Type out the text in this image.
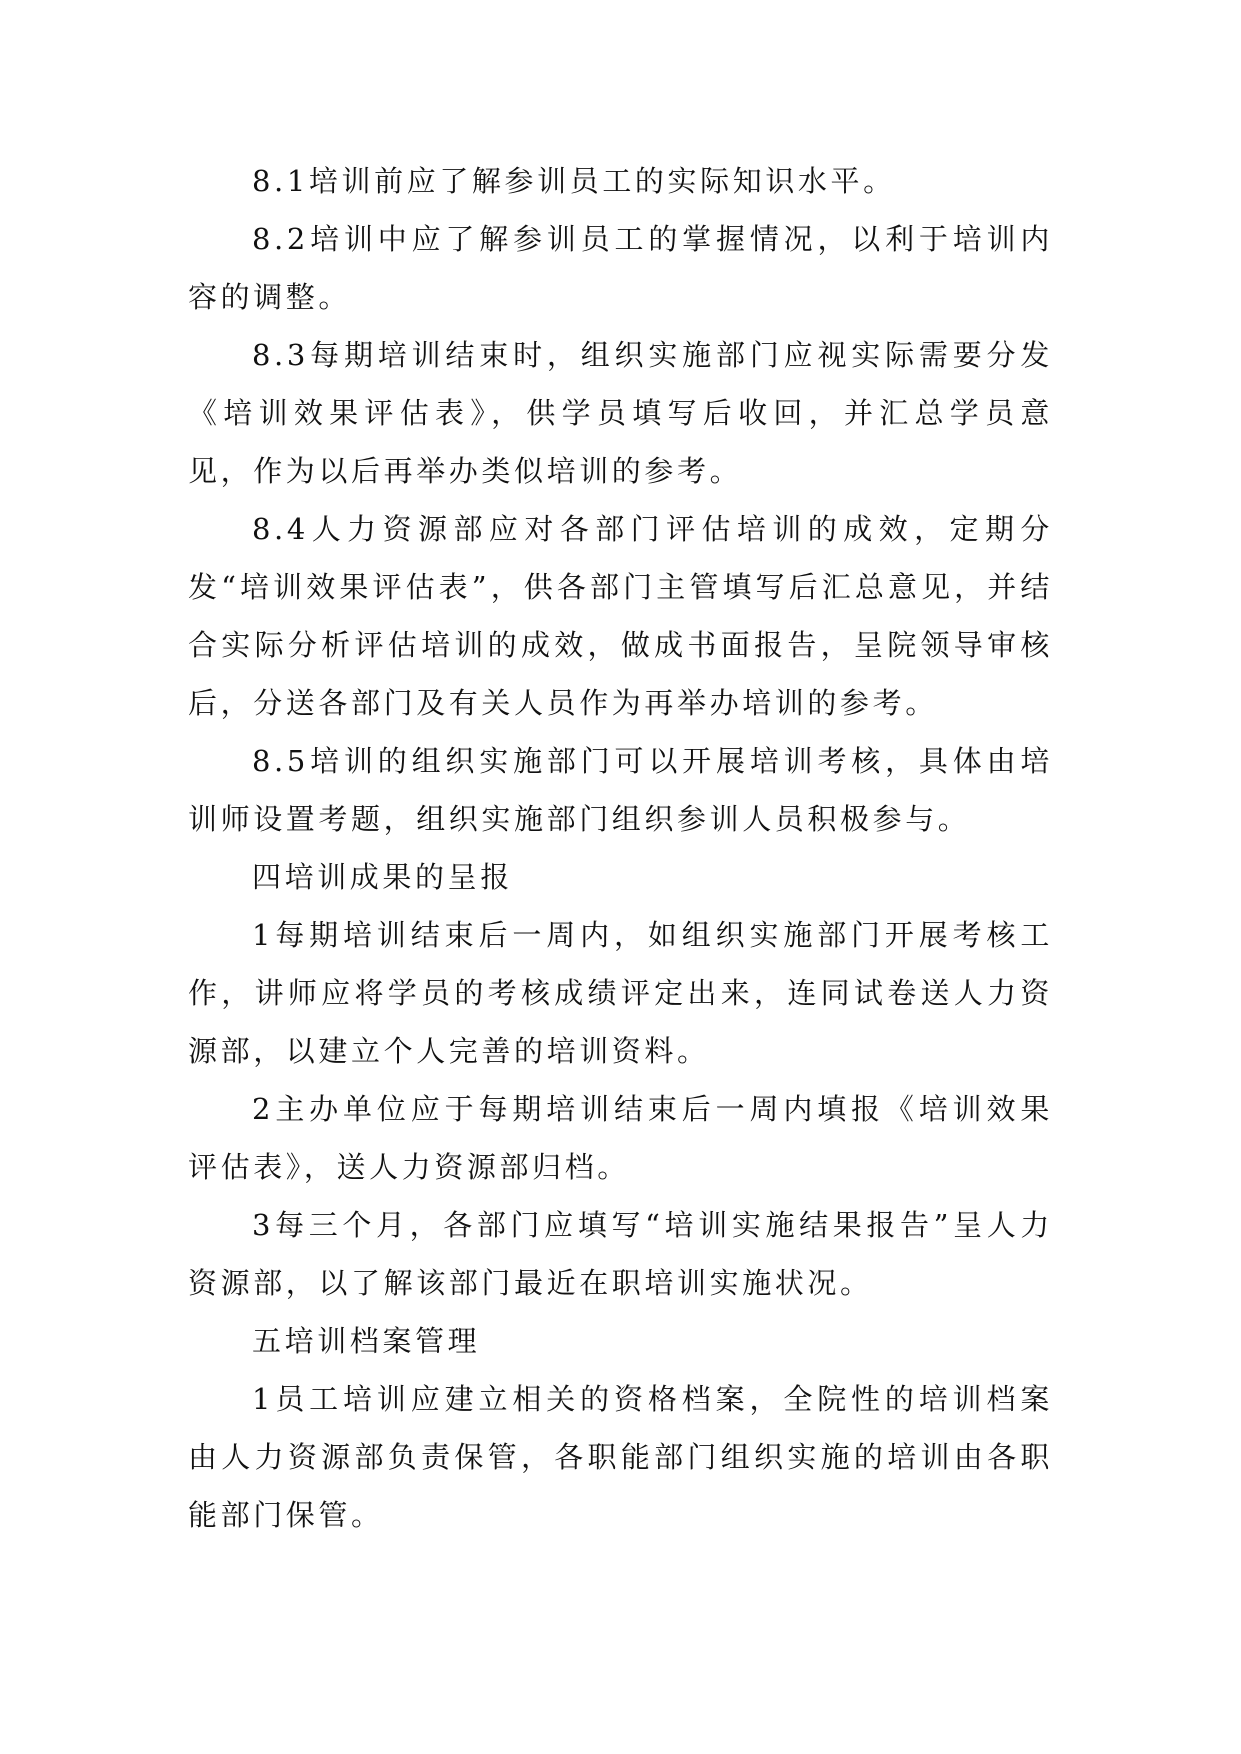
8.1培训前应了解参训员工的实际知识水平。

8.2培训中应了解参训员工的掌握情况，以利于培训内容的调整。

8.3每期培训结束时，组织实施部门应视实际需要分发《培训效果评估表》，供学员填写后收回，并汇总学员意见，作为以后再举办类似培训的参考。

8.4人力资源部应对各部门评估培训的成效，定期分发“培训效果评估表”，供各部门主管填写后汇总意见，并结合实际分析评估培训的成效，做成书面报告，呈院领导审核后，分送各部门及有关人员作为再举办培训的参考。

8.5培训的组织实施部门可以开展培训考核，具体由培训师设置考题，组织实施部门组织参训人员积极参与。

四培训成果的呈报

1每期培训结束后一周内，如组织实施部门开展考核工作，讲师应将学员的考核成绩评定出来，连同试卷送人力资源部，以建立个人完善的培训资料。

2主办单位应于每期培训结束后一周内填报《培训效果评估表》，送人力资源部归档。

3每三个月，各部门应填写“培训实施结果报告”呈人力资源部，以了解该部门最近在职培训实施状况。

五培训档案管理

1员工培训应建立相关的资格档案，全院性的培训档案由人力资源部负责保管，各职能部门组织实施的培训由各职能部门保管。
